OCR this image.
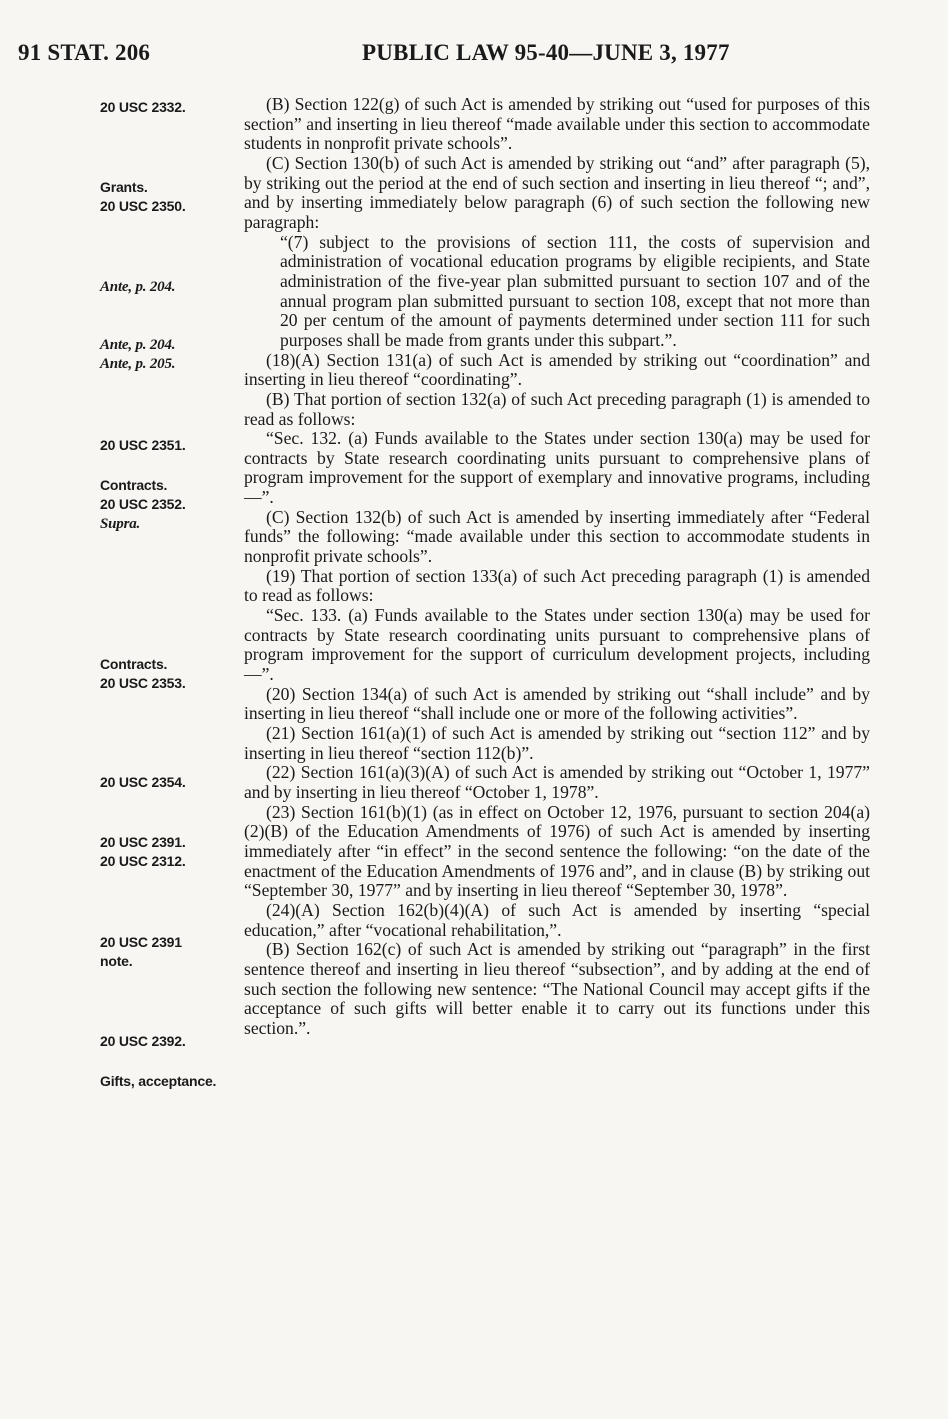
91 STAT. 206	PUBLIC LAW 95-40—JUNE 3, 1977
20 USC 2332.
Grants.
20 USC 2350.
Ante, p. 204.
Ante, p. 204.
Ante, p. 205.
20 USC 2351.
Contracts.
20 USC 2352.
Supra.
Contracts.
20 USC 2353.
20 USC 2354.
20 USC 2391.
20 USC 2312.
20 USC 2391
note.
20 USC 2392.
Gifts, acceptance.

(B) Section 122(g) of such Act is amended by striking out “used for purposes of this section” and inserting in lieu thereof “made available under this section to accommodate students in nonprofit private schools”.

(C) Section 130(b) of such Act is amended by striking out “and” after paragraph (5), by striking out the period at the end of such section and inserting in lieu thereof “; and”, and by inserting immediately below paragraph (6) of such section the following new paragraph:

“(7) subject to the provisions of section 111, the costs of supervision and administration of vocational education programs by eligible recipients, and State administration of the five-year plan submitted pursuant to section 107 and of the annual program plan submitted pursuant to section 108, except that not more than 20 per centum of the amount of payments determined under section 111 for such purposes shall be made from grants under this subpart.”.

(18)(A) Section 131(a) of such Act is amended by striking out “coordination” and inserting in lieu thereof “coordinating”.

(B) That portion of section 132(a) of such Act preceding paragraph (1) is amended to read as follows:

“Sec. 132. (a) Funds available to the States under section 130(a) may be used for contracts by State research coordinating units pursuant to comprehensive plans of program improvement for the support of exemplary and innovative programs, including—”.

(C) Section 132(b) of such Act is amended by inserting immediately after “Federal funds” the following: “made available under this section to accommodate students in nonprofit private schools”.

(19) That portion of section 133(a) of such Act preceding paragraph (1) is amended to read as follows:

“Sec. 133. (a) Funds available to the States under section 130(a) may be used for contracts by State research coordinating units pursuant to comprehensive plans of program improvement for the support of curriculum development projects, including—”.

(20) Section 134(a) of such Act is amended by striking out “shall include” and by inserting in lieu thereof “shall include one or more of the following activities”.

(21) Section 161(a)(1) of such Act is amended by striking out “section 112” and by inserting in lieu thereof “section 112(b)”.

(22) Section 161(a)(3)(A) of such Act is amended by striking out “October 1, 1977” and by inserting in lieu thereof “October 1, 1978”.

(23) Section 161(b)(1) (as in effect on October 12, 1976, pursuant to section 204(a)(2)(B) of the Education Amendments of 1976) of such Act is amended by inserting immediately after “in effect” in the second sentence the following: “on the date of the enactment of the Education Amendments of 1976 and”, and in clause (B) by striking out “September 30, 1977” and by inserting in lieu thereof “September 30, 1978”.

(24)(A) Section 162(b)(4)(A) of such Act is amended by inserting “special education,” after “vocational rehabilitation,”.

(B) Section 162(c) of such Act is amended by striking out “paragraph” in the first sentence thereof and inserting in lieu thereof “subsection”, and by adding at the end of such section the following new sentence: “The National Council may accept gifts if the acceptance of such gifts will better enable it to carry out its functions under this section.”.
